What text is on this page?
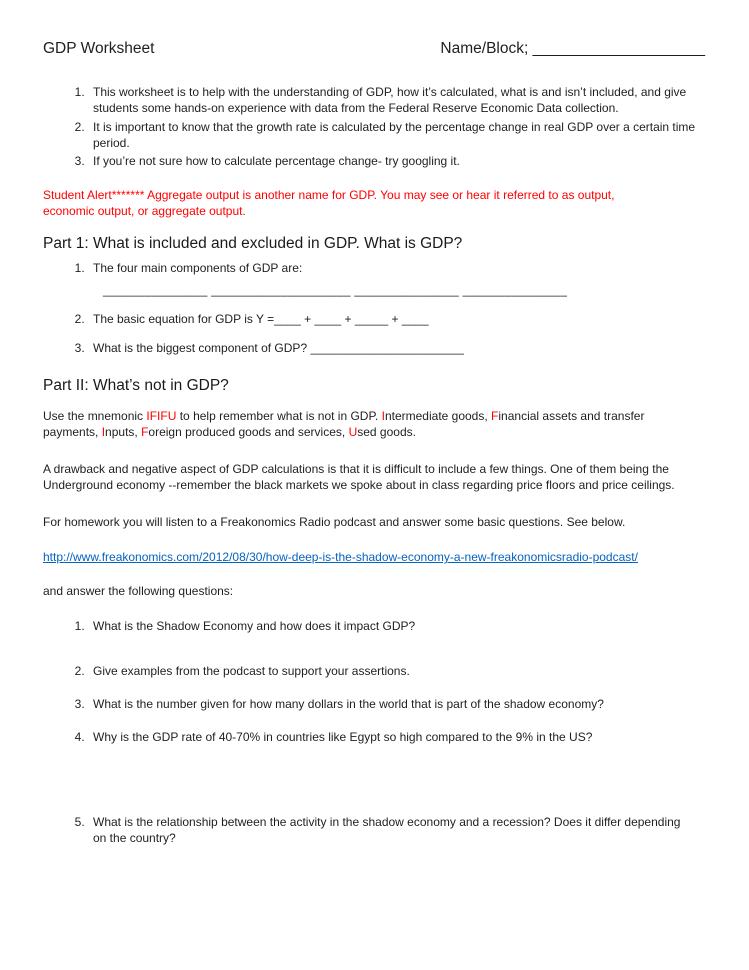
GDP Worksheet	Name/Block; ____________________
1. This worksheet is to help with the understanding of GDP, how it’s calculated, what is and isn’t included, and give students some hands-on experience with data from the Federal Reserve Economic Data collection.
2. It is important to know that the growth rate is calculated by the percentage change in real GDP over a certain time period.
3. If you’re not sure how to calculate percentage change- try googling it.

Student Alert******* Aggregate output is another name for GDP. You may see or hear it referred to as output, economic output, or aggregate output.

Part 1: What is included and excluded in GDP. What is GDP?
1. The four main components of GDP are:
_______________ ____________________ _______________ _______________
2. The basic equation for GDP is Y =____ + ____ + _____ + ____
3. What is the biggest component of GDP? _______________________
Part II: What’s not in GDP?

Use the mnemonic IFIFU to help remember what is not in GDP. Intermediate goods, Financial assets and transfer payments, Inputs, Foreign produced goods and services, Used goods.

A drawback and negative aspect of GDP calculations is that it is difficult to include a few things. One of them being the Underground economy --remember the black markets we spoke about in class regarding price floors and price ceilings.

For homework you will listen to a Freakonomics Radio podcast and answer some basic questions. See below.

http://www.freakonomics.com/2012/08/30/how-deep-is-the-shadow-economy-a-new-freakonomicsradio-podcast/

and answer the following questions:

1. What is the Shadow Economy and how does it impact GDP?
2. Give examples from the podcast to support your assertions.
3. What is the number given for how many dollars in the world that is part of the shadow economy?
4. Why is the GDP rate of 40-70% in countries like Egypt so high compared to the 9% in the US?
5. What is the relationship between the activity in the shadow economy and a recession? Does it differ depending on the country?
